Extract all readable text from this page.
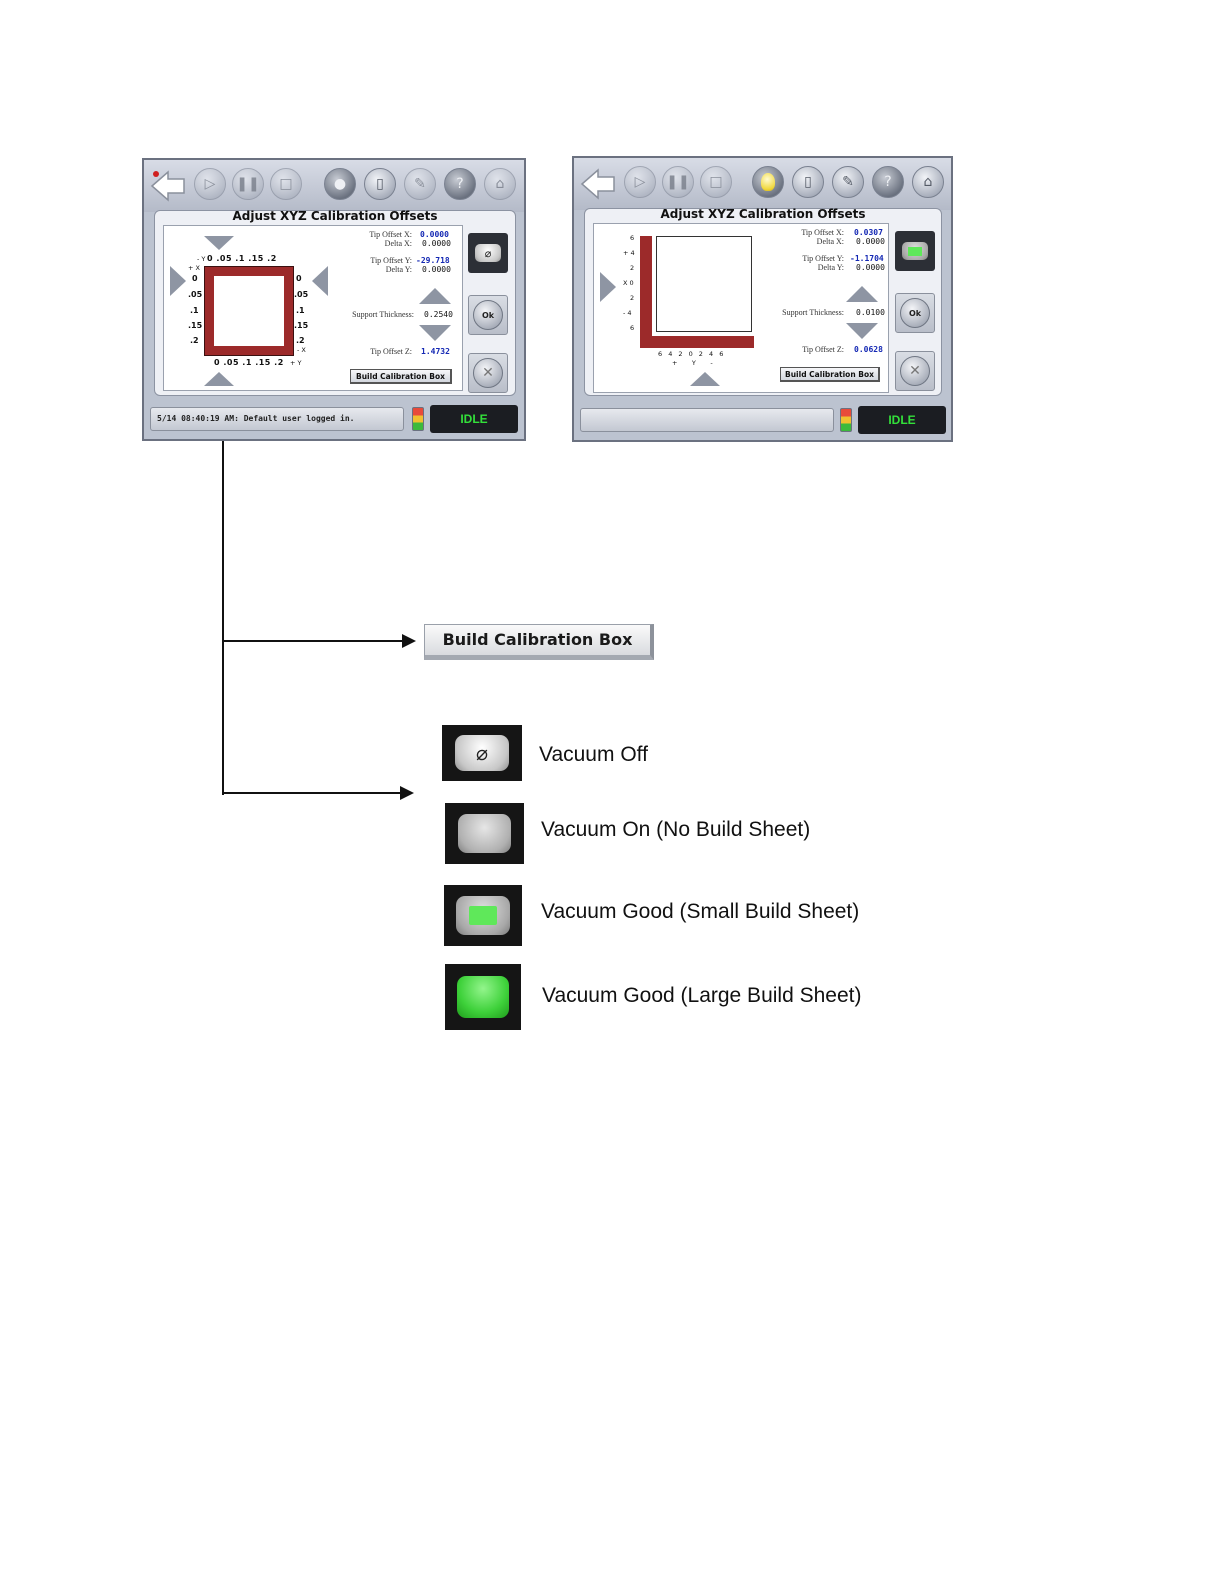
▷ ❚❚ □	● ▯ ✎ ? ⌂
Adjust XYZ Calibration Offsets
- Y 0 .05 .1 .15 .2
+ X
0
.05
.1
.15
.2
0
.05
.1
.15
.2
- X
0 .05 .1 .15 .2 + Y
Tip Offset X: 0.0000
Delta X: 0.0000
Tip Offset Y: -29.718
Delta Y: 0.0000
Support Thickness: 0.2540
Tip Offset Z: 1.4732
Build Calibration Box
⌀
Ok
✕
5/14 08:40:19 AM: Default user logged in.	IDLE
▷ ❚❚ □	▯ ✎ ? ⌂
Adjust XYZ Calibration Offsets
6
+ 4
2
X 0
2
- 4
6
6 4 2 0 2 4 6
+       Y       -
Tip Offset X: 0.0307
Delta X: 0.0000
Tip Offset Y: -1.1704
Delta Y: 0.0000
Support Thickness: 0.0100
Tip Offset Z: 0.0628
Build Calibration Box
Ok
✕
IDLE
Build Calibration Box
⌀ Vacuum Off
Vacuum On (No Build Sheet)
Vacuum Good (Small Build Sheet)
Vacuum Good (Large Build Sheet)
